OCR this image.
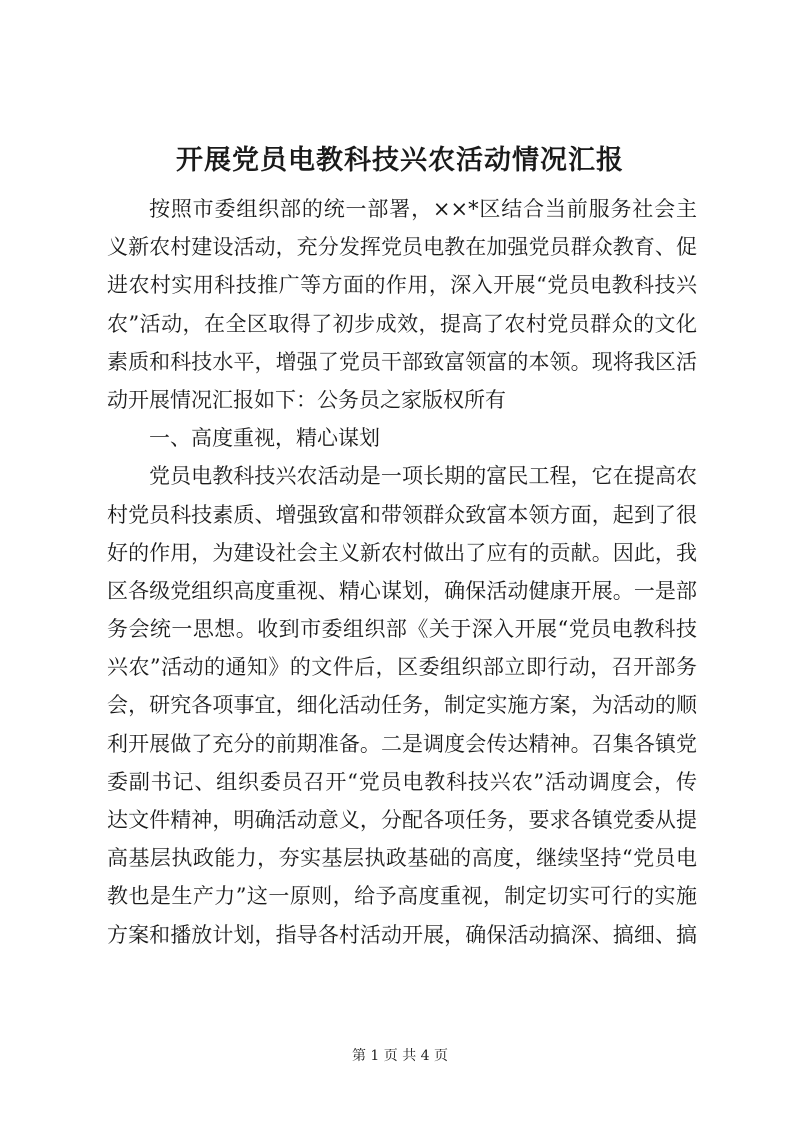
开展党员电教科技兴农活动情况汇报
按照市委组织部的统一部署，××*区结合当前服务社会主
义新农村建设活动，充分发挥党员电教在加强党员群众教育、促
进农村实用科技推广等方面的作用，深入开展“党员电教科技兴
农”活动，在全区取得了初步成效，提高了农村党员群众的文化
素质和科技水平，增强了党员干部致富领富的本领。现将我区活
动开展情况汇报如下：公务员之家版权所有
一、高度重视，精心谋划
党员电教科技兴农活动是一项长期的富民工程，它在提高农
村党员科技素质、增强致富和带领群众致富本领方面，起到了很
好的作用，为建设社会主义新农村做出了应有的贡献。因此，我
区各级党组织高度重视、精心谋划，确保活动健康开展。一是部
务会统一思想。收到市委组织部《关于深入开展“党员电教科技
兴农”活动的通知》的文件后，区委组织部立即行动，召开部务
会，研究各项事宜，细化活动任务，制定实施方案，为活动的顺
利开展做了充分的前期准备。二是调度会传达精神。召集各镇党
委副书记、组织委员召开“党员电教科技兴农”活动调度会，传
达文件精神，明确活动意义，分配各项任务，要求各镇党委从提
高基层执政能力，夯实基层执政基础的高度，继续坚持“党员电
教也是生产力”这一原则，给予高度重视，制定切实可行的实施
方案和播放计划，指导各村活动开展，确保活动搞深、搞细、搞
第 1 页 共 4 页
